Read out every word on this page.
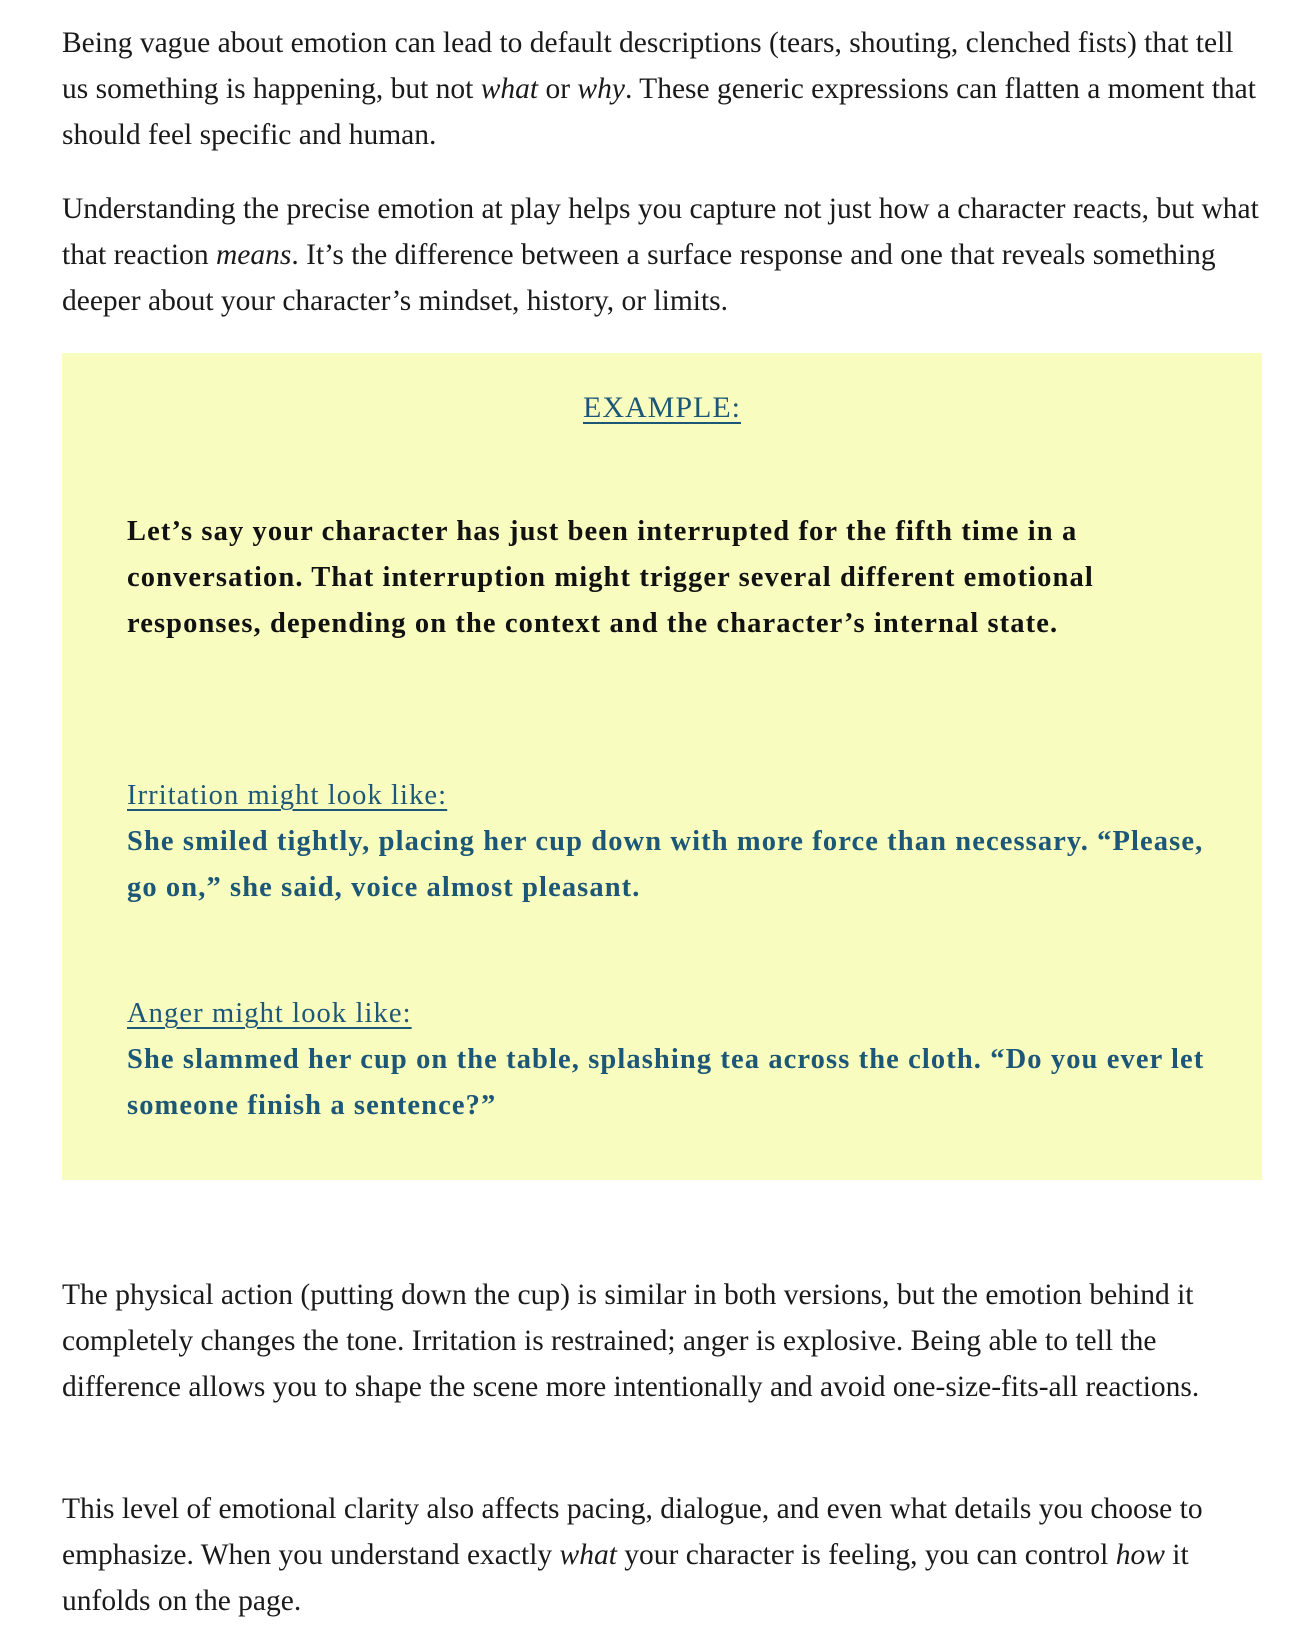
Being vague about emotion can lead to default descriptions (tears, shouting, clenched fists) that tell us something is happening, but not what or why. These generic expressions can flatten a moment that should feel specific and human.

Understanding the precise emotion at play helps you capture not just how a character reacts, but what that reaction means. It’s the difference between a surface response and one that reveals something deeper about your character’s mindset, history, or limits.

The physical action (putting down the cup) is similar in both versions, but the emotion behind it completely changes the tone. Irritation is restrained; anger is explosive. Being able to tell the difference allows you to shape the scene more intentionally and avoid one-size-fits-all reactions.

This level of emotional clarity also affects pacing, dialogue, and even what details you choose to emphasize. When you understand exactly what your character is feeling, you can control how it unfolds on the page.

EXAMPLE:

Let’s say your character has just been interrupted for the fifth time in a conversation. That interruption might trigger several different emotional responses, depending on the context and the character’s internal state.

Irritation might look like:
She smiled tightly, placing her cup down with more force than necessary. “Please, go on,” she said, voice almost pleasant.

Anger might look like:
She slammed her cup on the table, splashing tea across the cloth. “Do you ever let someone finish a sentence?”
